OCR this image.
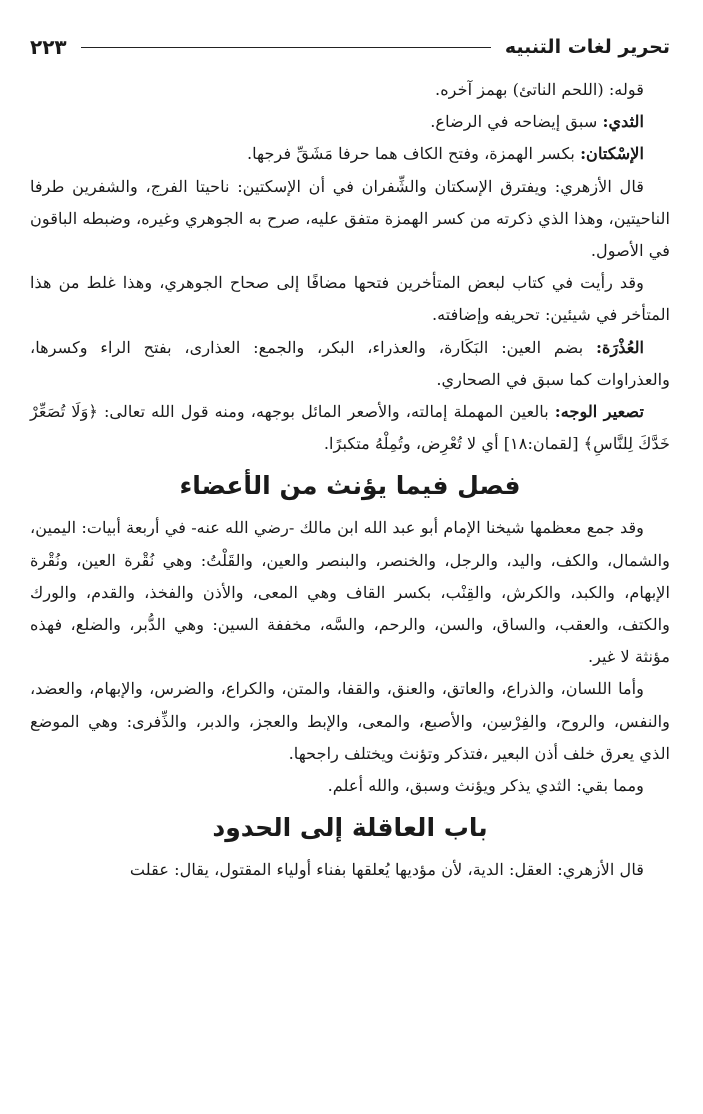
تحرير لغات التنبيه
٢٢٣

قوله: (اللحم الناتئ) بهمز آخره.

الثدي: سبق إيضاحه في الرضاع.

الإسْكتان: بكسر الهمزة، وفتح الكاف هما حرفا مَشَقِّ فرجها.

قال الأزهري: ويفترق الإسكتان والشِّفران في أن الإسكتين: ناحيتا الفرج، والشفرين طرفا الناحيتين، وهذا الذي ذكرته من كسر الهمزة متفق عليه، صرح به الجوهري وغيره، وضبطه الباقون في الأصول.

وقد رأيت في كتاب لبعض المتأخرين فتحها مضافًا إلى صحاح الجوهري، وهذا غلط من هذا المتأخر في شيئين: تحريفه وإضافته.

العُذْرَة: بضم العين: البَكَارة، والعذراء، البكر، والجمع: العذارى، بفتح الراء وكسرها، والعذراوات كما سبق في الصحاري.

تصعير الوجه: بالعين المهملة إمالته، والأصعر المائل بوجهه، ومنه قول الله تعالى: ﴿وَلَا تُصَعِّرْ خَدَّكَ لِلنَّاسِ﴾ [لقمان:١٨] أي لا تُعْرِض، وتُمِلْهُ متكبرًا.

فصل فيما يؤنث من الأعضاء

وقد جمع معظمها شيخنا الإمام أبو عبد الله ابن مالك -رضي الله عنه- في أربعة أبيات: اليمين، والشمال، والكف، واليد، والرجل، والخنصر، والبنصر والعين، والقَلْتُ: وهي نُقْرة العين، ونُقْرة الإبهام، والكبد، والكرش، والقِنْب، بكسر القاف وهي المعى، والأذن والفخذ، والقدم، والورك والكتف، والعقب، والساق، والسن، والرحم، والسَّه، مخففة السين: وهي الدُّبر، والضلع، فهذه مؤنثة لا غير.

وأما اللسان، والذراع، والعاتق، والعنق، والقفا، والمتن، والكراع، والضرس، والإبهام، والعضد، والنفس، والروح، والفِرْسِن، والأصبع، والمعى، والإبط والعجز، والدبر، والذِّفرى: وهي الموضع الذي يعرق خلف أذن البعير ،فتذكر وتؤنث ويختلف راجحها.

ومما بقي: الثدي يذكر ويؤنث وسبق، والله أعلم.

باب العاقلة إلى الحدود

قال الأزهري: العقل: الدية، لأن مؤديها يُعلقها بفناء أولياء المقتول، يقال: عقلت
